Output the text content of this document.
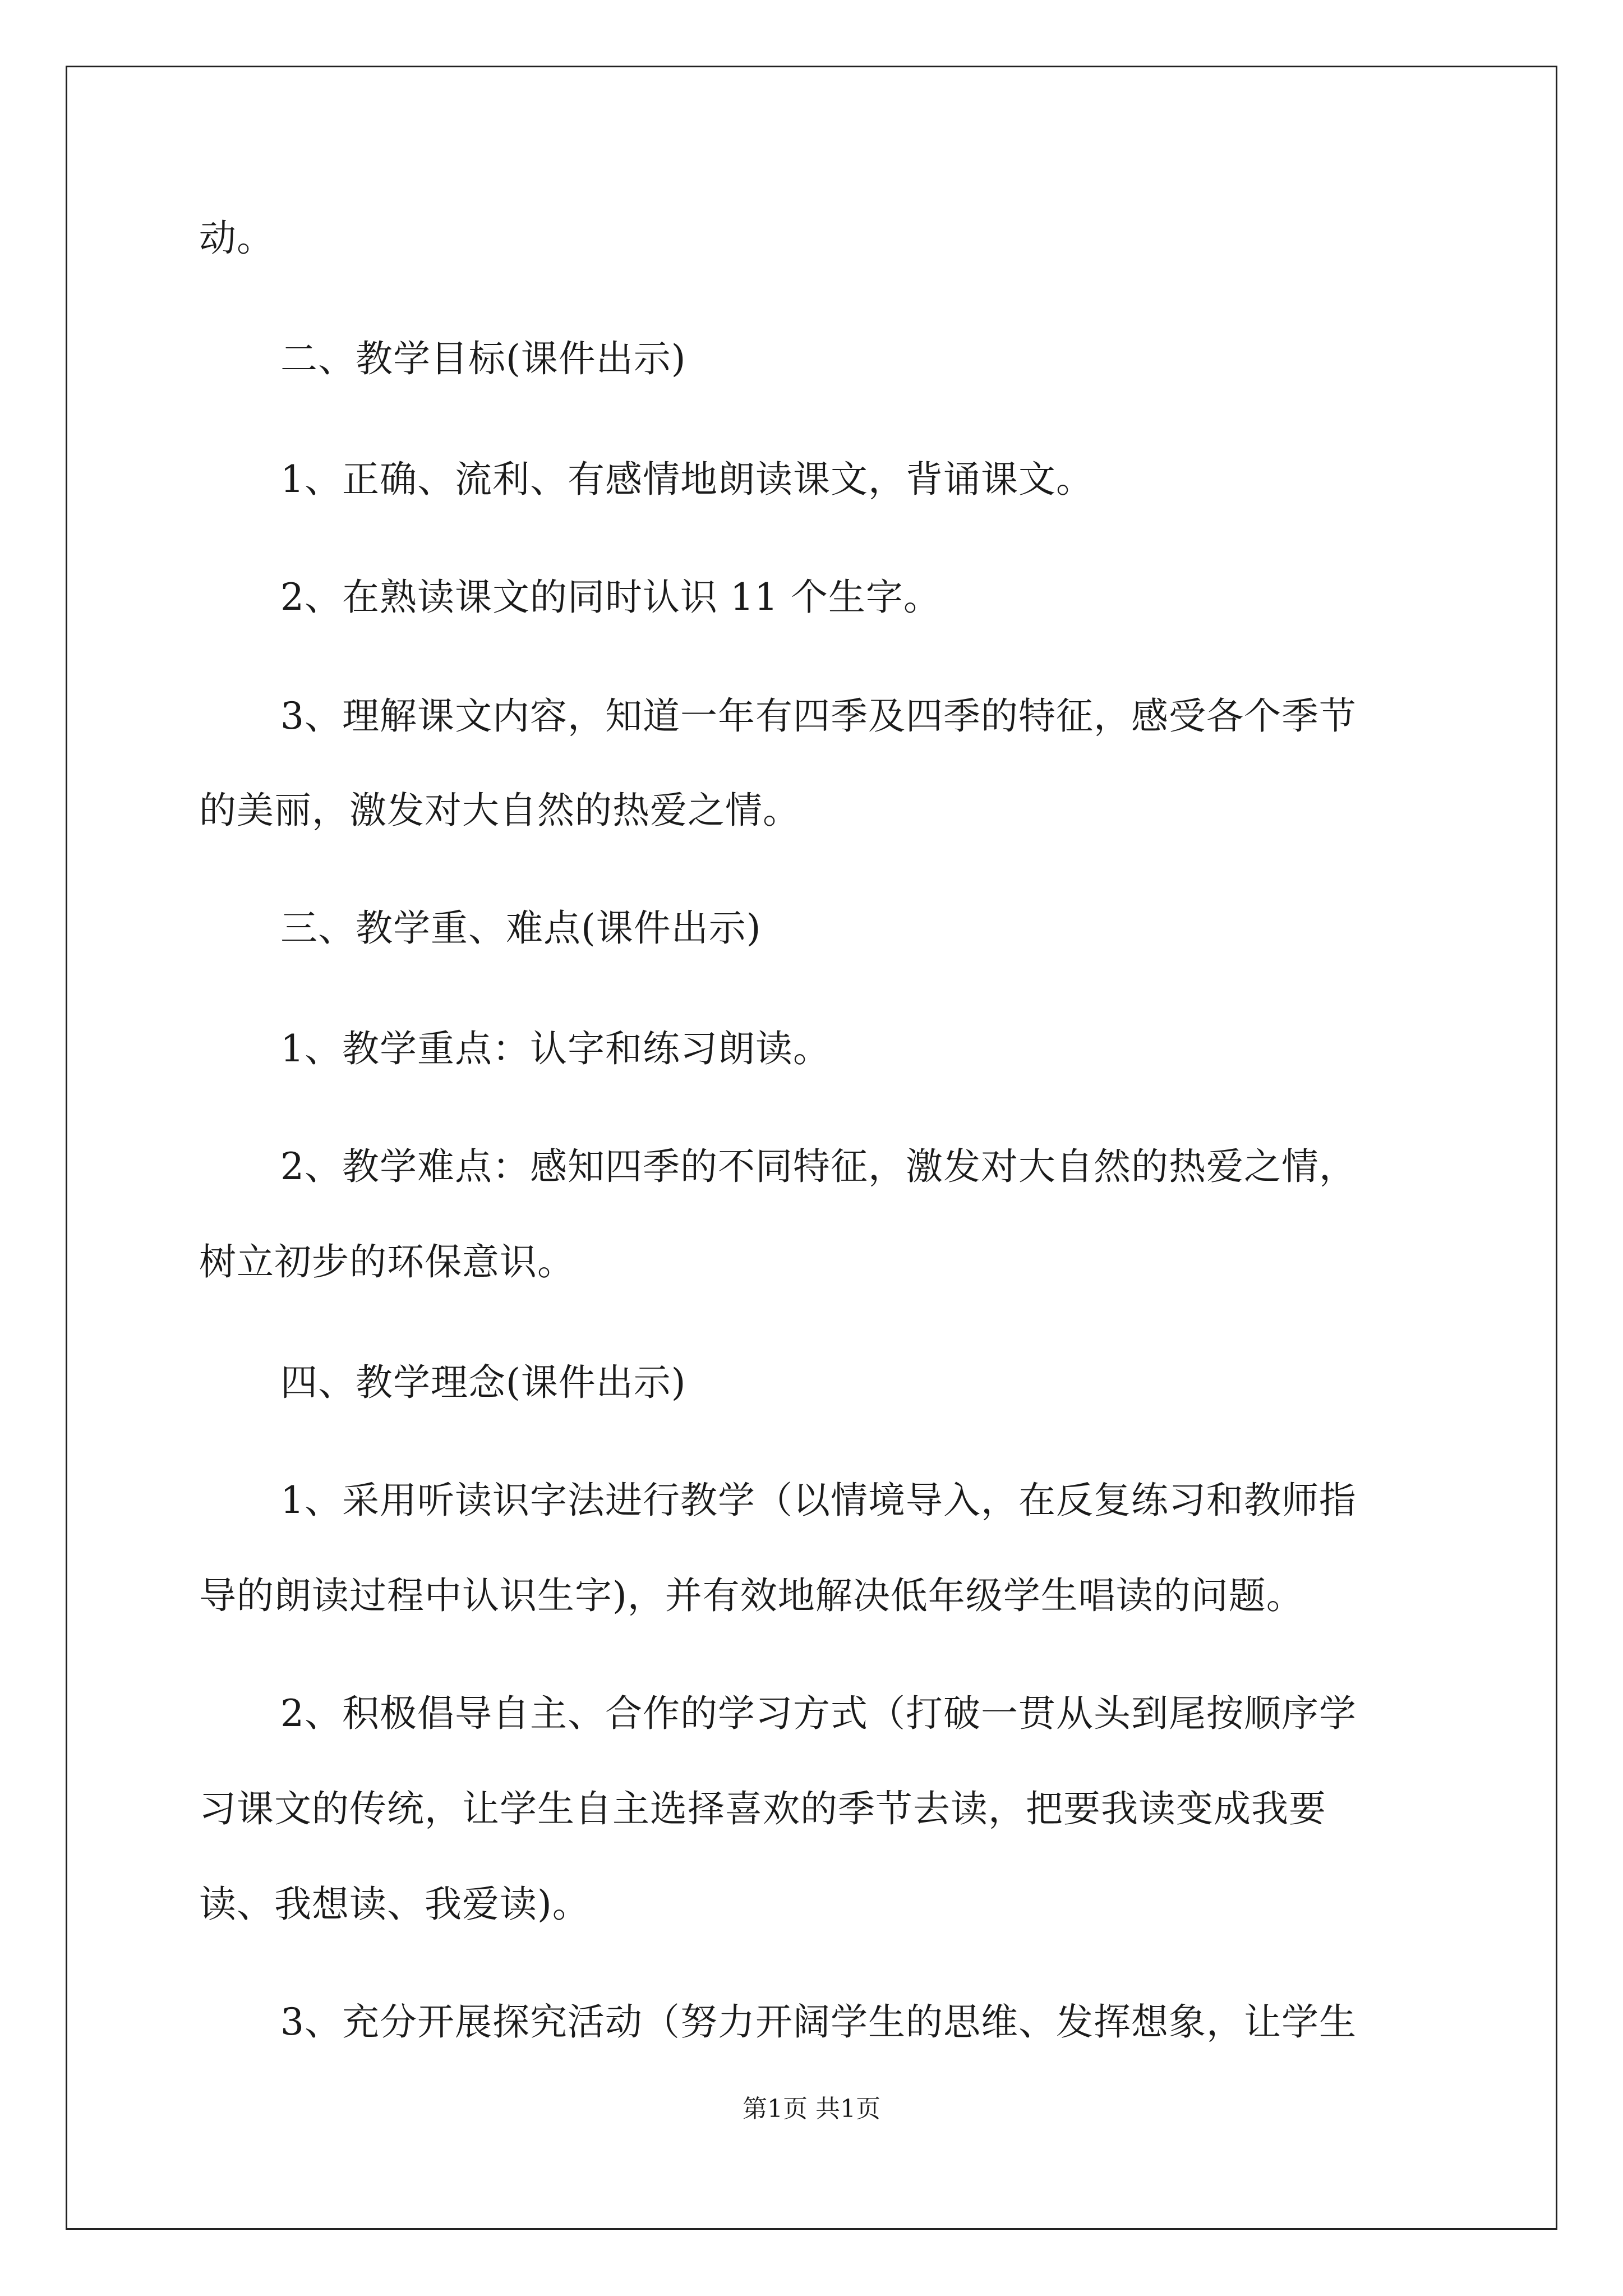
动。
二、教学目标(课件出示)
1、正确、流利、有感情地朗读课文，背诵课文。
2、在熟读课文的同时认识 11 个生字。
3、理解课文内容，知道一年有四季及四季的特征，感受各个季节
的美丽，激发对大自然的热爱之情。
三、教学重、难点(课件出示)
1、教学重点：认字和练习朗读。
2、教学难点：感知四季的不同特征，激发对大自然的热爱之情，
树立初步的环保意识。
四、教学理念(课件出示)
1、采用听读识字法进行教学（以情境导入，在反复练习和教师指
导的朗读过程中认识生字)，并有效地解决低年级学生唱读的问题。
2、积极倡导自主、合作的学习方式（打破一贯从头到尾按顺序学
习课文的传统，让学生自主选择喜欢的季节去读，把要我读变成我要
读、我想读、我爱读)。
3、充分开展探究活动（努力开阔学生的思维、发挥想象，让学生
第1页 共1页
